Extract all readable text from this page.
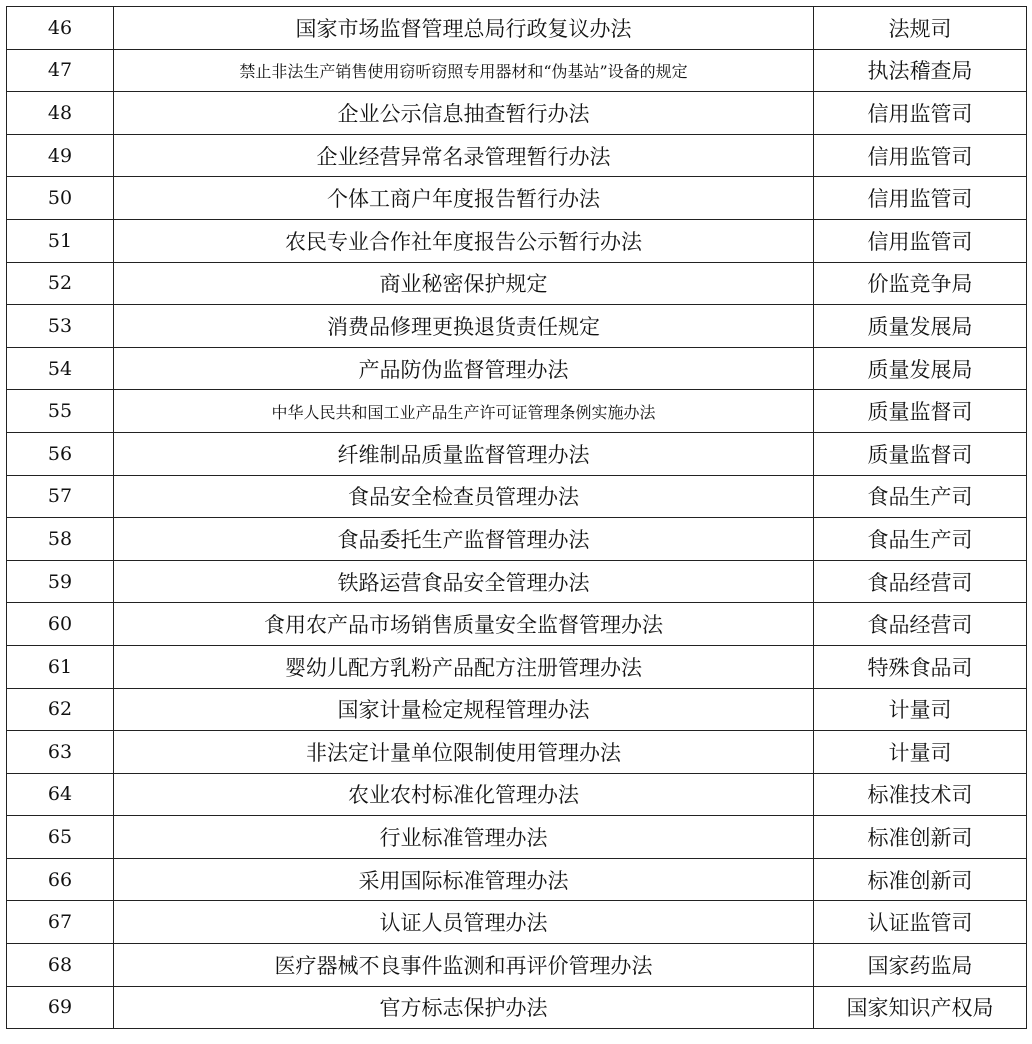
46	国家市场监督管理总局行政复议办法	法规司
47	禁止非法生产销售使用窃听窃照专用器材和“伪基站”设备的规定	执法稽查局
48	企业公示信息抽查暂行办法	信用监管司
49	企业经营异常名录管理暂行办法	信用监管司
50	个体工商户年度报告暂行办法	信用监管司
51	农民专业合作社年度报告公示暂行办法	信用监管司
52	商业秘密保护规定	价监竞争局
53	消费品修理更换退货责任规定	质量发展局
54	产品防伪监督管理办法	质量发展局
55	中华人民共和国工业产品生产许可证管理条例实施办法	质量监督司
56	纤维制品质量监督管理办法	质量监督司
57	食品安全检查员管理办法	食品生产司
58	食品委托生产监督管理办法	食品生产司
59	铁路运营食品安全管理办法	食品经营司
60	食用农产品市场销售质量安全监督管理办法	食品经营司
61	婴幼儿配方乳粉产品配方注册管理办法	特殊食品司
62	国家计量检定规程管理办法	计量司
63	非法定计量单位限制使用管理办法	计量司
64	农业农村标准化管理办法	标准技术司
65	行业标准管理办法	标准创新司
66	采用国际标准管理办法	标准创新司
67	认证人员管理办法	认证监管司
68	医疗器械不良事件监测和再评价管理办法	国家药监局
69	官方标志保护办法	国家知识产权局
